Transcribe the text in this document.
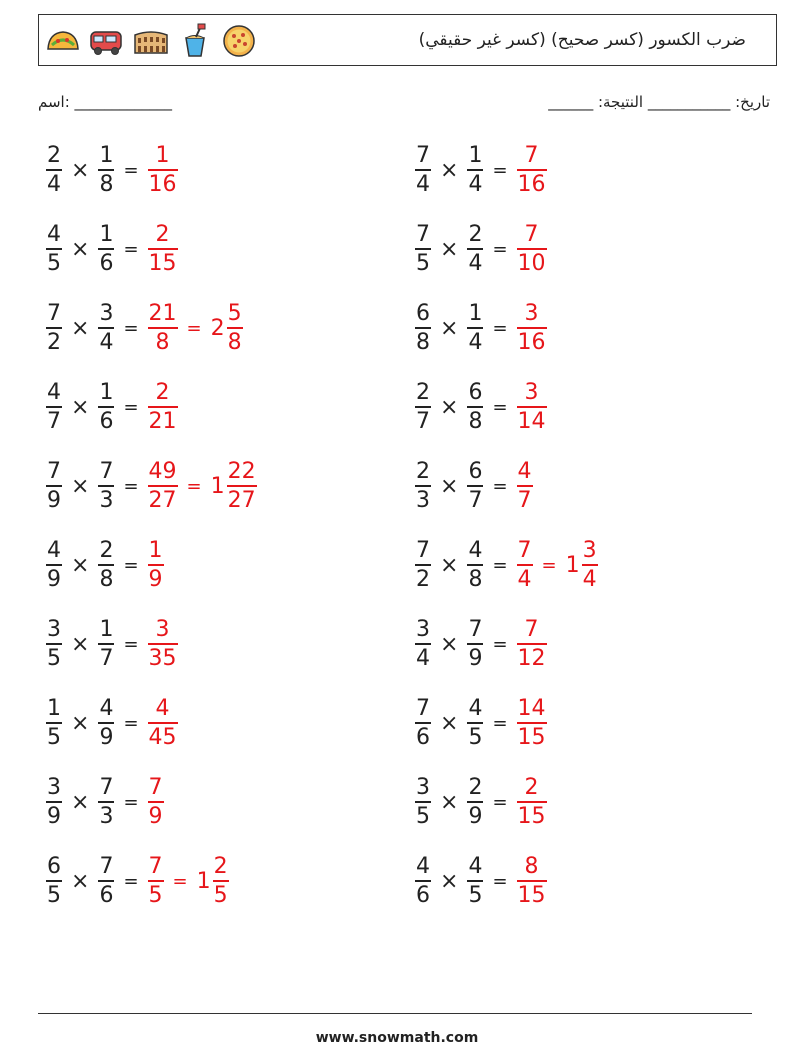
ضرب الكسور (كسر صحيح) (كسر غير حقيقي)
اسم: _____________	______ :تاريخ: ___________ النتيجة
$\frac{2}{4} \times \frac{1}{8} = \frac{1}{16}$
$\frac{4}{5} \times \frac{1}{6} = \frac{2}{15}$
$\frac{7}{2} \times \frac{3}{4} = \frac{21}{8} = 2 \frac{5}{8}$
$\frac{4}{7} \times \frac{1}{6} = \frac{2}{21}$
$\frac{7}{9} \times \frac{7}{3} = \frac{49}{27} = 1 \frac{22}{27}$
$\frac{4}{9} \times \frac{2}{8} = \frac{1}{9}$
$\frac{3}{5} \times \frac{1}{7} = \frac{3}{35}$
$\frac{1}{5} \times \frac{4}{9} = \frac{4}{45}$
$\frac{3}{9} \times \frac{7}{3} = \frac{7}{9}$
$\frac{6}{5} \times \frac{7}{6} = \frac{7}{5} = 1 \frac{2}{5}$
$\frac{7}{4} \times \frac{1}{4} = \frac{7}{16}$
$\frac{7}{5} \times \frac{2}{4} = \frac{7}{10}$
$\frac{6}{8} \times \frac{1}{4} = \frac{3}{16}$
$\frac{2}{7} \times \frac{6}{8} = \frac{3}{14}$
$\frac{2}{3} \times \frac{6}{7} = \frac{4}{7}$
$\frac{7}{2} \times \frac{4}{8} = \frac{7}{4} = 1 \frac{3}{4}$
$\frac{3}{4} \times \frac{7}{9} = \frac{7}{12}$
$\frac{7}{6} \times \frac{4}{5} = \frac{14}{15}$
$\frac{3}{5} \times \frac{2}{9} = \frac{2}{15}$
$\frac{4}{6} \times \frac{4}{5} = \frac{8}{15}$
www.snowmath.com
